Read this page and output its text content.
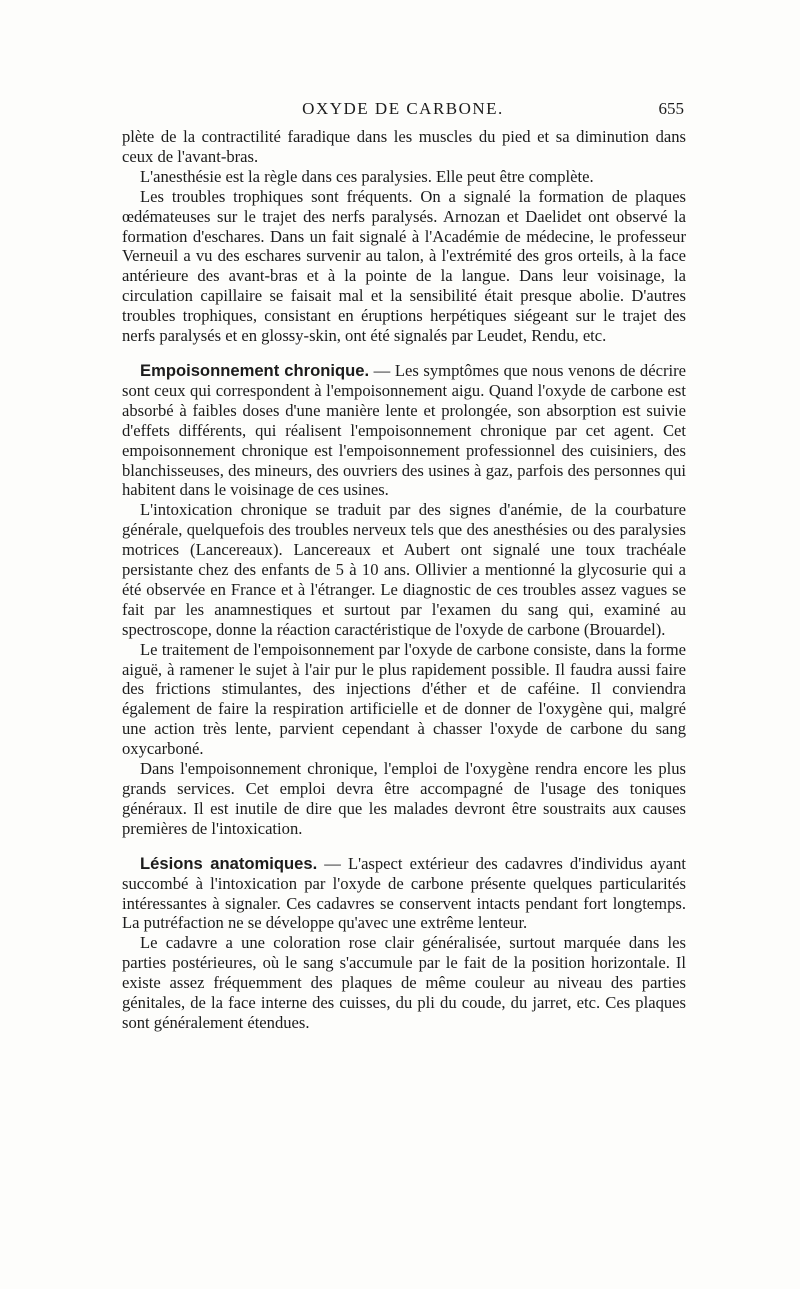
OXYDE DE CARBONE.	655

plète de la contractilité faradique dans les muscles du pied et sa diminution dans ceux de l'avant-bras.

L'anesthésie est la règle dans ces paralysies. Elle peut être complète.

Les troubles trophiques sont fréquents. On a signalé la formation de plaques œdémateuses sur le trajet des nerfs paralysés. Arnozan et Daelidet ont observé la formation d'eschares. Dans un fait signalé à l'Académie de médecine, le professeur Verneuil a vu des eschares survenir au talon, à l'extrémité des gros orteils, à la face antérieure des avant-bras et à la pointe de la langue. Dans leur voisinage, la circulation capillaire se faisait mal et la sensibilité était presque abolie. D'autres troubles trophiques, consistant en éruptions herpétiques siégeant sur le trajet des nerfs paralysés et en glossy-skin, ont été signalés par Leudet, Rendu, etc.

Empoisonnement chronique. — Les symptômes que nous venons de décrire sont ceux qui correspondent à l'empoisonnement aigu. Quand l'oxyde de carbone est absorbé à faibles doses d'une manière lente et prolongée, son absorption est suivie d'effets différents, qui réalisent l'empoisonnement chronique par cet agent. Cet empoisonnement chronique est l'empoisonnement professionnel des cuisiniers, des blanchisseuses, des mineurs, des ouvriers des usines à gaz, parfois des personnes qui habitent dans le voisinage de ces usines.

L'intoxication chronique se traduit par des signes d'anémie, de la courbature générale, quelquefois des troubles nerveux tels que des anesthésies ou des paralysies motrices (Lancereaux). Lancereaux et Aubert ont signalé une toux trachéale persistante chez des enfants de 5 à 10 ans. Ollivier a mentionné la glycosurie qui a été observée en France et à l'étranger. Le diagnostic de ces troubles assez vagues se fait par les anamnestiques et surtout par l'examen du sang qui, examiné au spectroscope, donne la réaction caractéristique de l'oxyde de carbone (Brouardel).

Le traitement de l'empoisonnement par l'oxyde de carbone consiste, dans la forme aiguë, à ramener le sujet à l'air pur le plus rapidement possible. Il faudra aussi faire des frictions stimulantes, des injections d'éther et de caféine. Il conviendra également de faire la respiration artificielle et de donner de l'oxygène qui, malgré une action très lente, parvient cependant à chasser l'oxyde de carbone du sang oxycarboné.

Dans l'empoisonnement chronique, l'emploi de l'oxygène rendra encore les plus grands services. Cet emploi devra être accompagné de l'usage des toniques généraux. Il est inutile de dire que les malades devront être soustraits aux causes premières de l'intoxication.

Lésions anatomiques. — L'aspect extérieur des cadavres d'individus ayant succombé à l'intoxication par l'oxyde de carbone présente quelques particularités intéressantes à signaler. Ces cadavres se conservent intacts pendant fort longtemps. La putréfaction ne se développe qu'avec une extrême lenteur.

Le cadavre a une coloration rose clair généralisée, surtout marquée dans les parties postérieures, où le sang s'accumule par le fait de la position horizontale. Il existe assez fréquemment des plaques de même couleur au niveau des parties génitales, de la face interne des cuisses, du pli du coude, du jarret, etc. Ces plaques sont généralement étendues.
